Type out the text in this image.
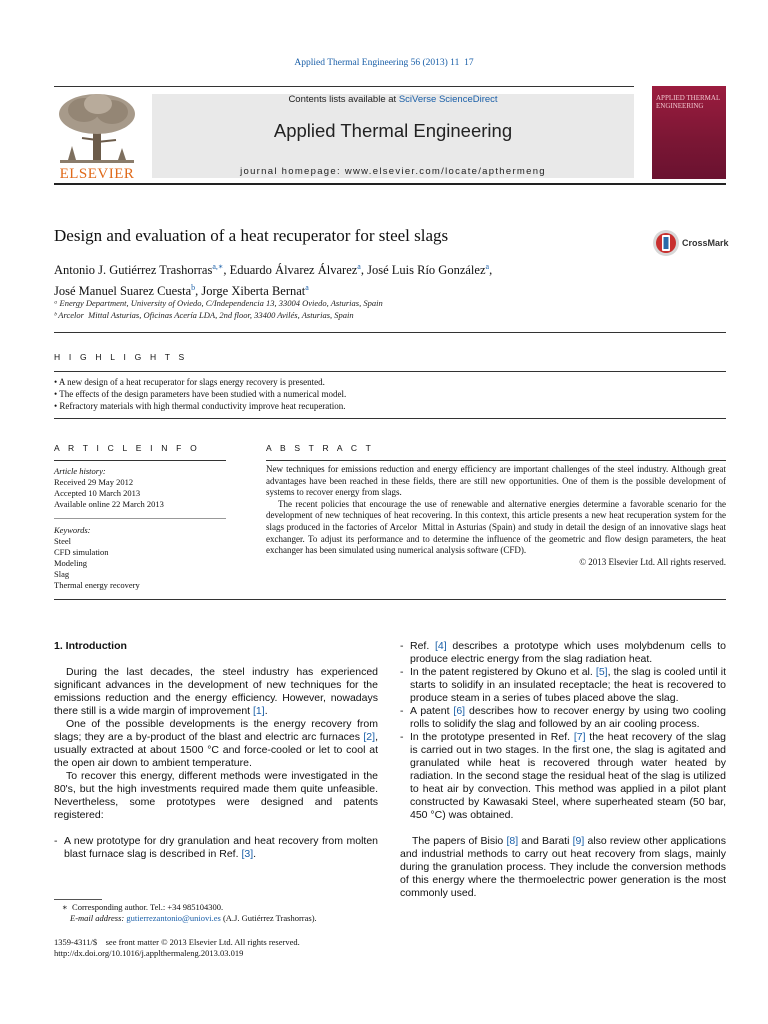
Applied Thermal Engineering 56 (2013) 11  17
ELSEVIER
Contents lists available at SciVerse ScienceDirect
Applied Thermal Engineering
journal homepage: www.elsevier.com/locate/apthermeng
APPLIED THERMAL ENGINEERING
Design and evaluation of a heat recuperator for steel slags	CrossMark
Antonio J. Gutiérrez Trashorras$^{a,∗}$, Eduardo Álvarez Álvarez$^a$, José Luis Río González$^a$,
José Manuel Suarez Cuesta$^b$, Jorge Xiberta Bernat$^a$
ᵃ Energy Department, University of Oviedo, C/Independencia 13, 33004 Oviedo, Asturias, Spain
ᵇ Arcelor  Mittal Asturias, Oficinas Acería LDA, 2nd floor, 33400 Avilés, Asturias, Spain
H I G H L I G H T S
• A new design of a heat recuperator for slags energy recovery is presented.
• The effects of the design parameters have been studied with a numerical model.
• Refractory materials with high thermal conductivity improve heat recuperation.
A R T I C L E I N F O
Article history:
Received 29 May 2012
Accepted 10 March 2013
Available online 22 March 2013
Keywords:
Steel
CFD simulation
Modeling
Slag
Thermal energy recovery
A B S T R A C T

New techniques for emissions reduction and energy efficiency are important challenges of the steel industry. Although great advantages have been reached in these fields, there are still new opportunities. One of them is the possible development of systems to recover energy from slags.

The recent policies that encourage the use of renewable and alternative energies determine a favorable scenario for the development of new techniques of heat recovering. In this context, this article presents a new heat recuperation system for the slags produced in the factories of Arcelor  Mittal in Asturias (Spain) and study in detail the design of an innovative slags heat exchanger. To adjust its performance and to determine the influence of the geometric and flow design parameters, the heat exchanger has been simulated using numerical analysis software (CFD).

© 2013 Elsevier Ltd. All rights reserved.

1. Introduction

During the last decades, the steel industry has experienced significant advances in the development of new techniques for the emissions reduction and the energy efficiency. However, nowadays there still is a wide margin of improvement [1].

One of the possible developments is the energy recovery from slags; they are a by-product of the blast and electric arc furnaces [2], usually extracted at about 1500 °C and force-cooled or let to cool at the open air down to ambient temperature.

To recover this energy, different methods were investigated in the 80's, but the high investments required made them quite unfeasible. Nevertheless, some prototypes were designed and patents registered:

- A new prototype for dry granulation and heat recovery from molten blast furnace slag is described in Ref. [3].

- Ref. [4] describes a prototype which uses molybdenum cells to produce electric energy from the slag radiation heat.

- In the patent registered by Okuno et al. [5], the slag is cooled until it starts to solidify in an insulated receptacle; the heat is recovered to produce steam in a series of tubes placed above the slag.

- A patent [6] describes how to recover energy by using two cooling rolls to solidify the slag and followed by an air cooling process.

- In the prototype presented in Ref. [7] the heat recovery of the slag is carried out in two stages. In the first one, the slag is agitated and granulated while heat is recovered through water heated by radiation. In the second stage the residual heat of the slag is utilized to heat air by convection. This method was applied in a pilot plant constructed by Kawasaki Steel, where superheated steam (50 bar, 450 °C) was obtained.

The papers of Bisio [8] and Barati [9] also review other applications and industrial methods to carry out heat recovery from slags, mainly during the granulation process. They include the conversion methods of this energy where the thermoelectric power generation is the most commonly used.

∗  Corresponding author. Tel.: +34 985104300.
E-mail address: gutierrezantonio@uniovi.es (A.J. Gutiérrez Trashorras).
1359-4311/$    see front matter © 2013 Elsevier Ltd. All rights reserved.
http://dx.doi.org/10.1016/j.applthermaleng.2013.03.019
